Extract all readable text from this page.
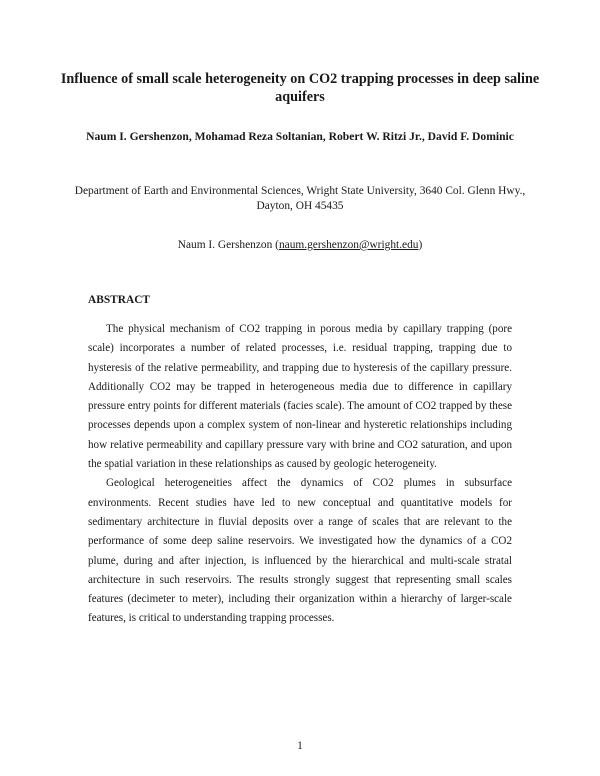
Influence of small scale heterogeneity on CO2 trapping processes in deep saline aquifers
Naum I. Gershenzon, Mohamad Reza Soltanian, Robert W. Ritzi Jr., David F. Dominic
Department of Earth and Environmental Sciences, Wright State University, 3640 Col. Glenn Hwy., Dayton, OH 45435
Naum I. Gershenzon (naum.gershenzon@wright.edu)
ABSTRACT

The physical mechanism of CO2 trapping in porous media by capillary trapping (pore scale) incorporates a number of related processes, i.e. residual trapping, trapping due to hysteresis of the relative permeability, and trapping due to hysteresis of the capillary pressure. Additionally CO2 may be trapped in heterogeneous media due to difference in capillary pressure entry points for different materials (facies scale). The amount of CO2 trapped by these processes depends upon a complex system of non-linear and hysteretic relationships including how relative permeability and capillary pressure vary with brine and CO2 saturation, and upon the spatial variation in these relationships as caused by geologic heterogeneity.

Geological heterogeneities affect the dynamics of CO2 plumes in subsurface environments. Recent studies have led to new conceptual and quantitative models for sedimentary architecture in fluvial deposits over a range of scales that are relevant to the performance of some deep saline reservoirs. We investigated how the dynamics of a CO2 plume, during and after injection, is influenced by the hierarchical and multi-scale stratal architecture in such reservoirs. The results strongly suggest that representing small scales features (decimeter to meter), including their organization within a hierarchy of larger-scale features, is critical to understanding trapping processes.

1
